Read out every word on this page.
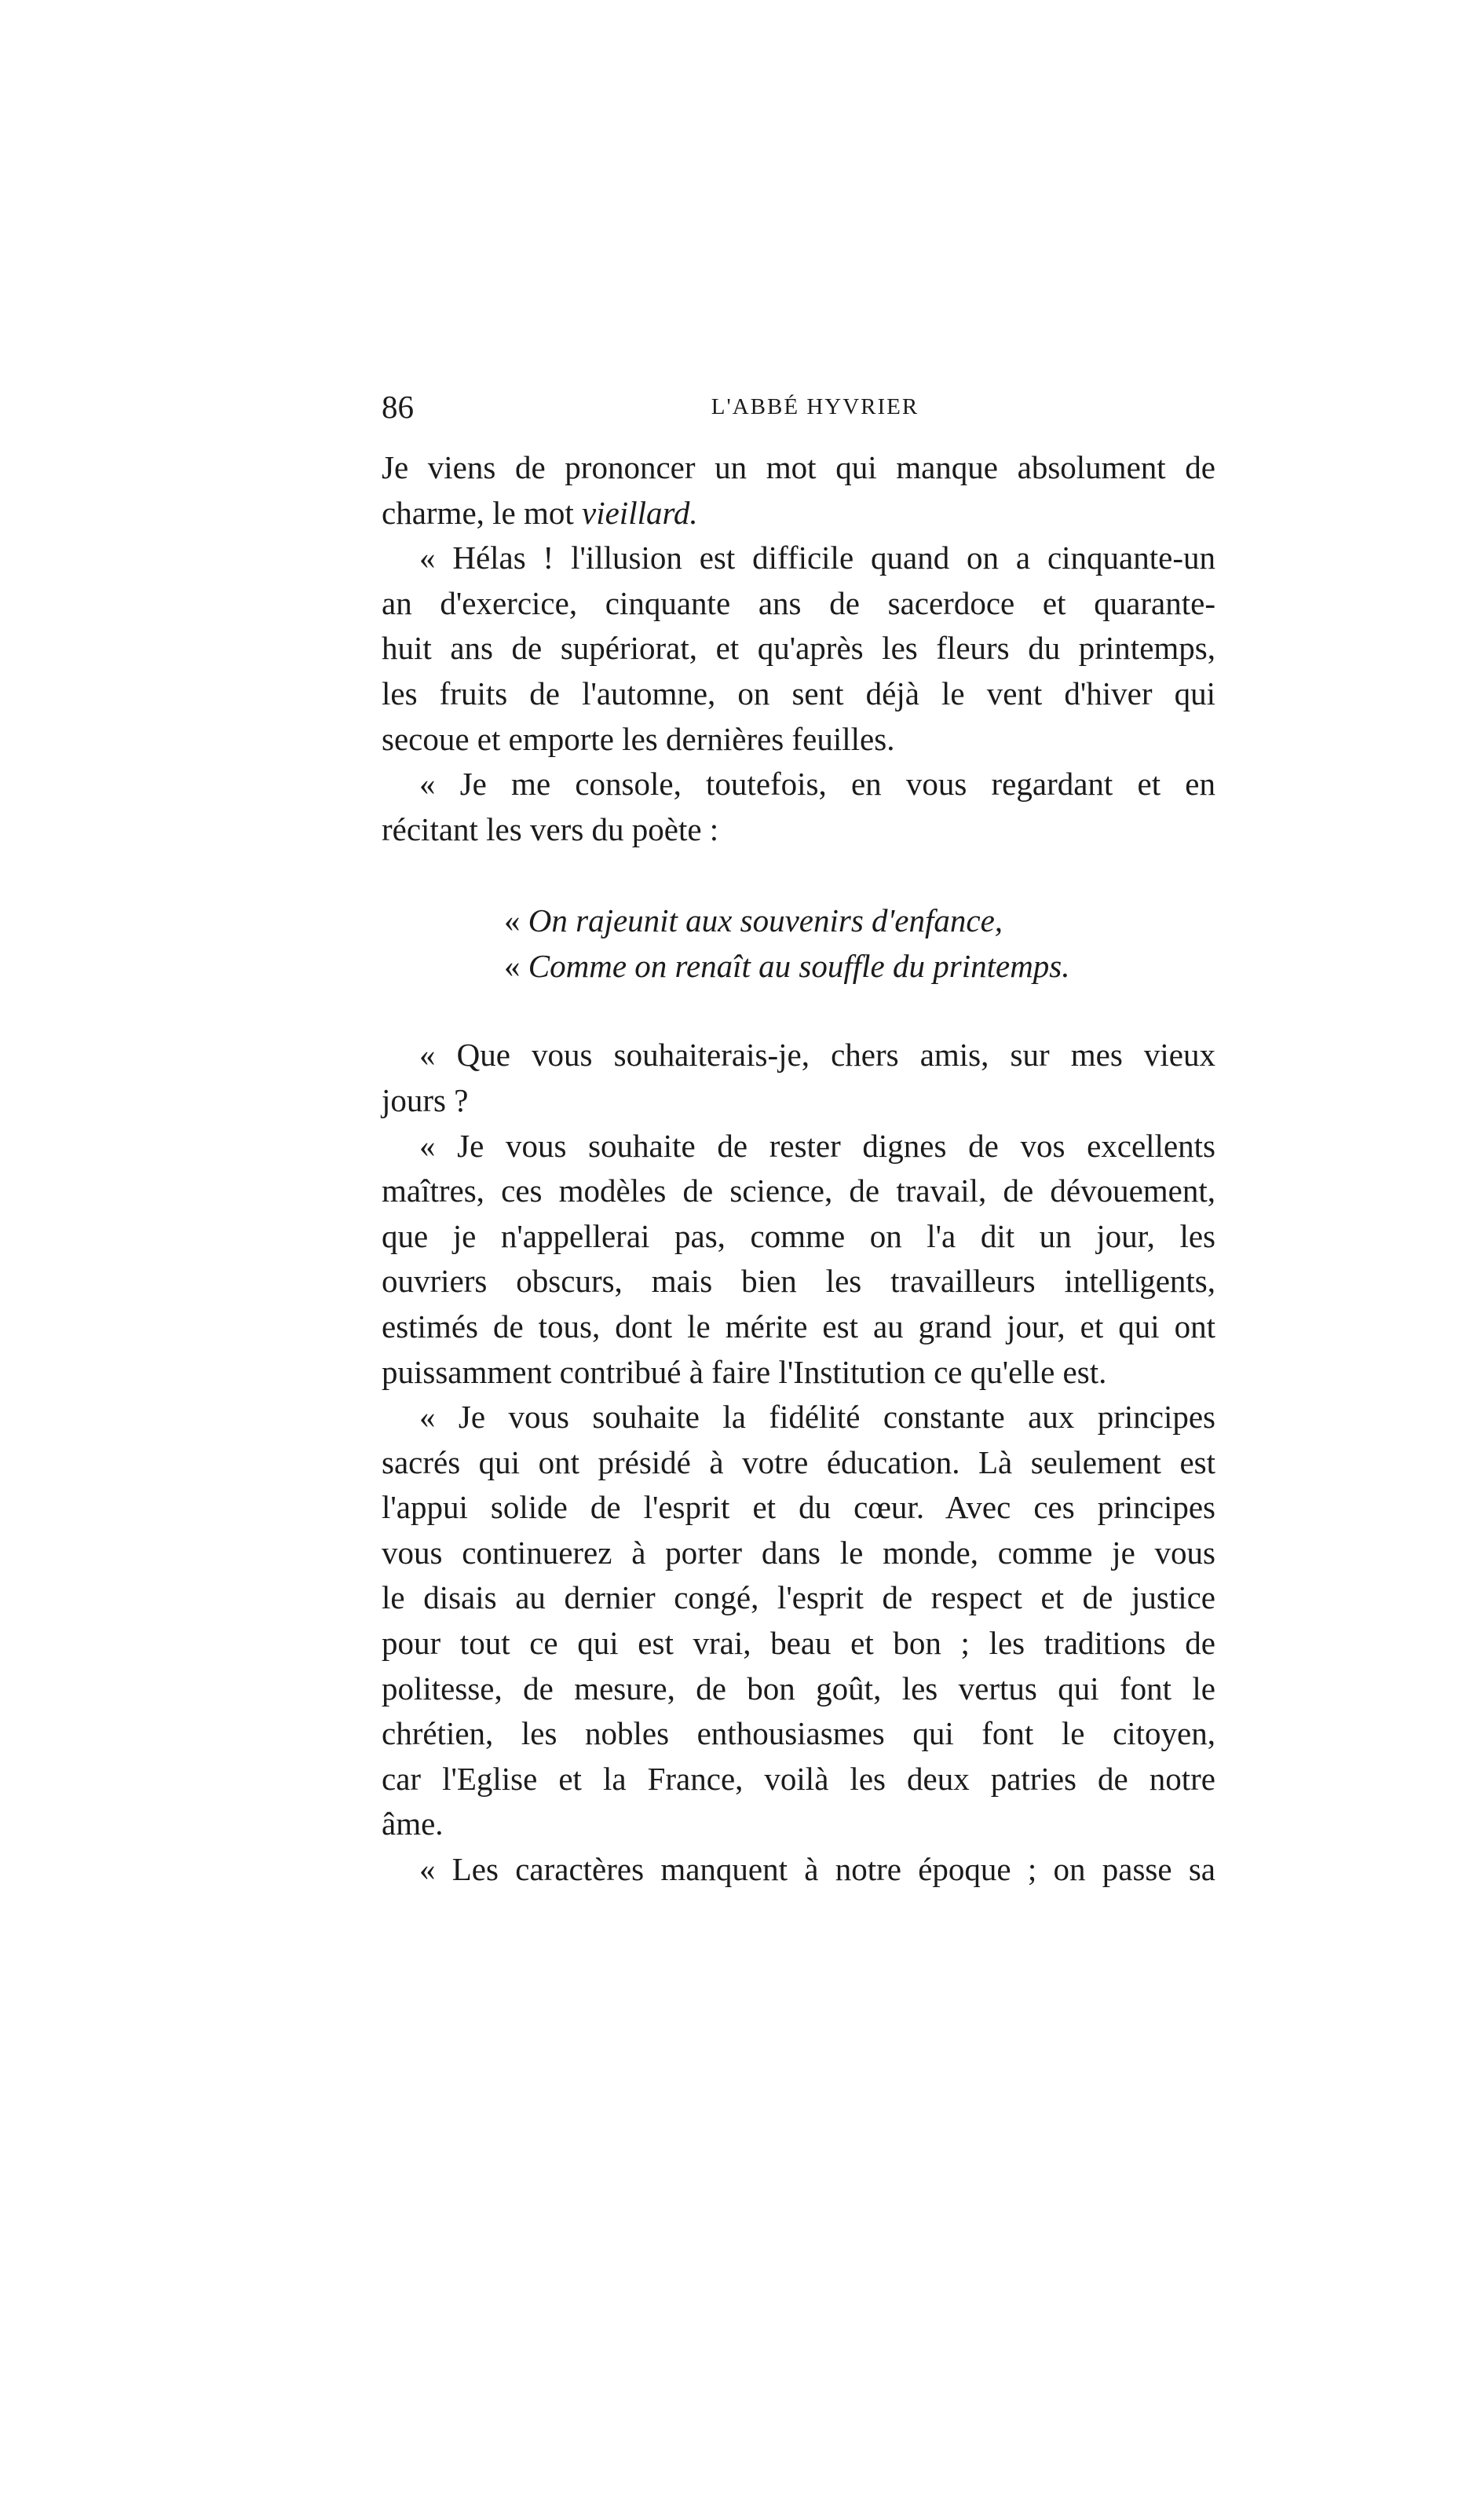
86	L'ABBÉ HYVRIER

Je viens de prononcer un mot qui manque absolument de
charme, le mot vieillard.

« Hélas ! l'illusion est difficile quand on a cinquante-un
an d'exercice, cinquante ans de sacerdoce et quarante-
huit ans de supériorat, et qu'après les fleurs du printemps,
les fruits de l'automne, on sent déjà le vent d'hiver qui
secoue et emporte les dernières feuilles.

« Je me console, toutefois, en vous regardant et en
récitant les vers du poète :

« On rajeunit aux souvenirs d'enfance,
« Comme on renaît au souffle du printemps.

« Que vous souhaiterais-je, chers amis, sur mes vieux
jours ?

« Je vous souhaite de rester dignes de vos excellents
maîtres, ces modèles de science, de travail, de dévouement,
que je n'appellerai pas, comme on l'a dit un jour, les
ouvriers obscurs, mais bien les travailleurs intelligents,
estimés de tous, dont le mérite est au grand jour, et qui ont
puissamment contribué à faire l'Institution ce qu'elle est.

« Je vous souhaite la fidélité constante aux principes
sacrés qui ont présidé à votre éducation. Là seulement est
l'appui solide de l'esprit et du cœur. Avec ces principes
vous continuerez à porter dans le monde, comme je vous
le disais au dernier congé, l'esprit de respect et de justice
pour tout ce qui est vrai, beau et bon ; les traditions de
politesse, de mesure, de bon goût, les vertus qui font le
chrétien, les nobles enthousiasmes qui font le citoyen,
car l'Eglise et la France, voilà les deux patries de notre
âme.

« Les caractères manquent à notre époque ; on passe sa
